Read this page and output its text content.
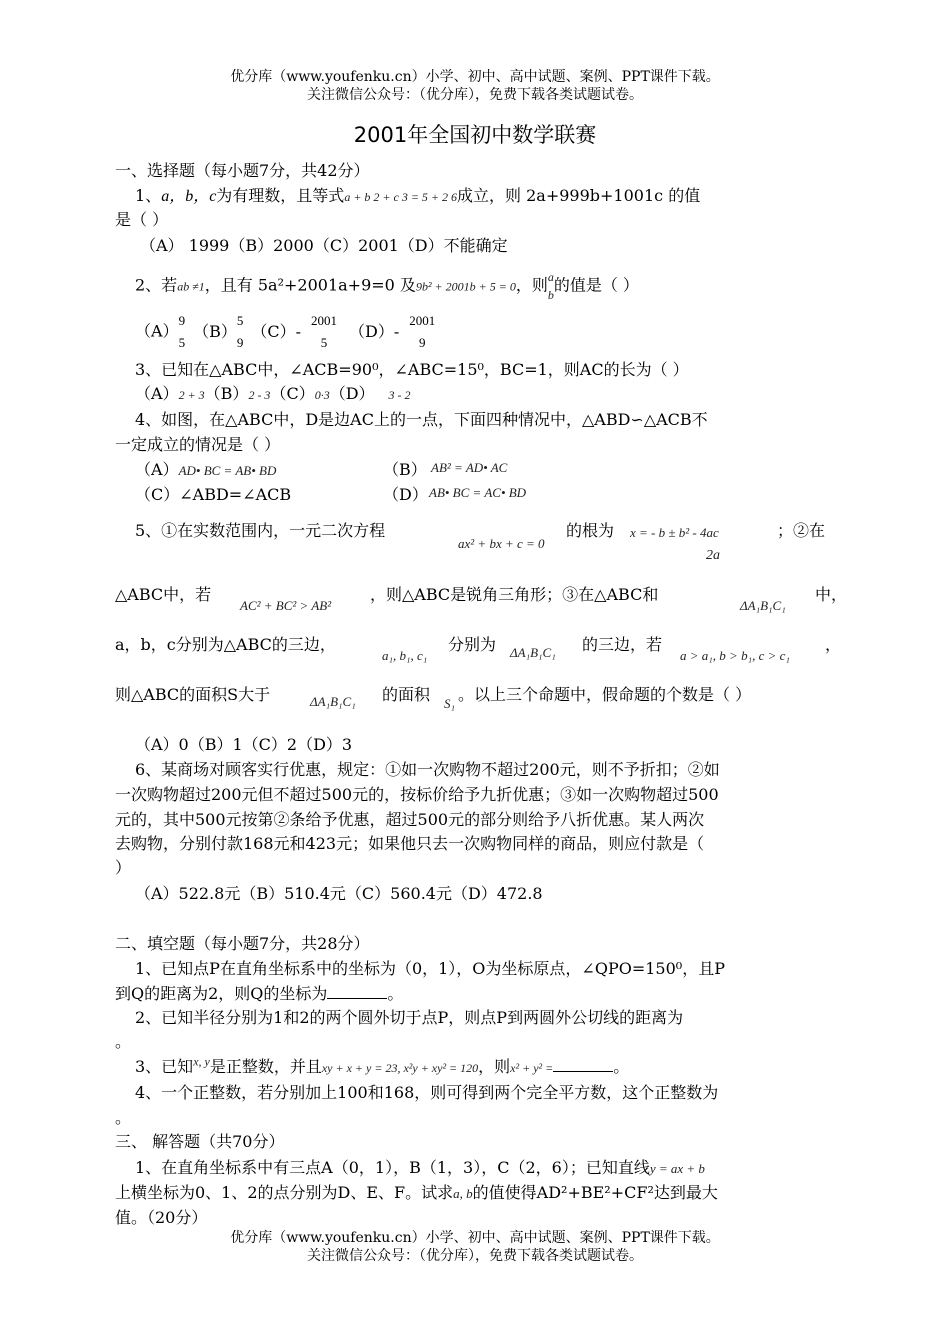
优分库（www.youfenku.cn）小学、初中、高中试题、案例、PPT课件下载。
关注微信公众号：（优分库），免费下载各类试题试卷。
2001年全国初中数学联赛
一、选择题（每小题7分，共42分）
1、a，b，c为有理数，且等式a + b 2 + c 3 = 5 + 2 6成立，则 2a+999b+1001c 的值
是（ ）
（A） 1999（B）2000（C）2001（D）不能确定
2、若ab ≠1，且有 5a²+2001a+9=0 及9b² + 2001b + 5 = 0，则 a
b
的值是（ ）
（A）
9
5
（B）
5
9
（C）-
2001
5
（D）-
2001
9
3、已知在△ABC中，∠ACB=90⁰，∠ABC=15⁰，BC=1，则AC的长为（ ）
（A）2 + 3（B）2 - 3（C）0·3（D） 3 - 2
4、如图，在△ABC中，D是边AC上的一点，下面四种情况中，△ABD∽△ACB不
一定成立的情况是（ ）
（A）AD• BC = AB• BD	（B） AB² = AD• AC
（C）∠ABD=∠ACB	（D） AB• BC = AC• BD
5、①在实数范围内，一元二次方程
ax² + bx + c = 0
的根为 x = - b ± b² - 4ac
2a
；②在
△ABC中，若
AC² + BC² > AB²
，则△ABC是锐角三角形；③在△ABC和
ΔA₁B₁C₁
中，
a，b，c分别为△ABC的三边，
a₁, b₁, c₁
分别为 ΔA₁B₁C₁ 的三边，若
a > a₁, b > b₁, c > c₁
，
则△ABC的面积S大于	ΔA₁B₁C₁ 的面积 S₁ 。以上三个命题中，假命题的个数是（ ）
（A）0（B）1（C）2（D）3
6、某商场对顾客实行优惠，规定：①如一次购物不超过200元，则不予折扣；②如
一次购物超过200元但不超过500元的，按标价给予九折优惠；③如一次购物超过500
元的，其中500元按第②条给予优惠，超过500元的部分则给予八折优惠。某人两次
去购物，分别付款168元和423元；如果他只去一次购物同样的商品，则应付款是（
）
（A）522.8元（B）510.4元（C）560.4元（D）472.8
二、填空题（每小题7分，共28分）
1、已知点P在直角坐标系中的坐标为（0，1），O为坐标原点，∠QPO=150⁰，且P
到Q的距离为2，则Q的坐标为	。
2、已知半径分别为1和2的两个圆外切于点P，则点P到两圆外公切线的距离为
。
3、已知$^{x, y}$是正整数，并且xy + x + y = 23, x²y + xy² = 120，则x² + y² =	。
4、一个正整数，若分别加上100和168，则可得到两个完全平方数，这个正整数为
。
三、 解答题（共70分）
1、在直角坐标系中有三点A（0，1），B（1，3），C（2，6）；已知直线y = ax + b
上横坐标为0、1、2的点分别为D、E、F。试求a, b的值使得AD²+BE²+CF²达到最大
值。（20分）
优分库（www.youfenku.cn）小学、初中、高中试题、案例、PPT课件下载。
关注微信公众号：（优分库），免费下载各类试题试卷。
